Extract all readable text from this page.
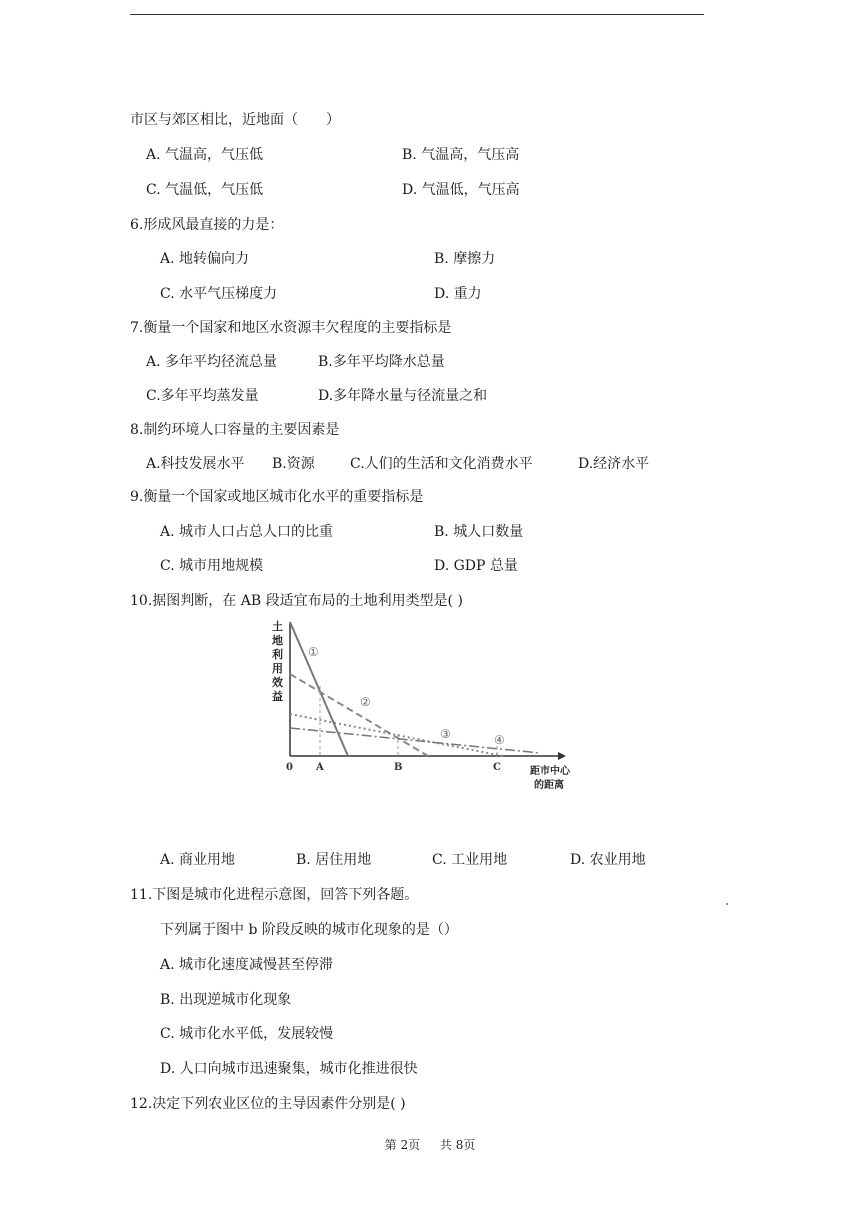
市区与郊区相比，近地面（　　）
A. 气温高，气压低	B. 气温高，气压高
C. 气温低，气压低	D. 气温低，气压高
6.形成风最直接的力是：
A. 地转偏向力	B. 摩擦力
C. 水平气压梯度力	D. 重力
7.衡量一个国家和地区水资源丰欠程度的主要指标是
A. 多年平均径流总量	B.多年平均降水总量
C.多年平均蒸发量	D.多年降水量与径流量之和
8.制约环境人口容量的主要因素是
A.科技发展水平 B.资源	C.人们的生活和文化消费水平	D.经济水平
9.衡量一个国家或地区城市化水平的重要指标是
A. 城市人口占总人口的比重	B. 城人口数量
C. 城市用地规模	D. GDP 总量
10.据图判断，在 AB 段适宜布局的土地利用类型是( )
土地利用效益
①
②
③	④
0 A	B	C	距市中心
的距离
A. 商业用地	B. 居住用地	C. 工业用地	D. 农业用地
11.下图是城市化进程示意图，回答下列各题。
下列属于图中 b 阶段反映的城市化现象的是（）
A. 城市化速度减慢甚至停滞
B. 出现逆城市化现象
C. 城市化水平低，发展较慢
D. 人口向城市迅速聚集，城市化推进很快
12.决定下列农业区位的主导因素件分别是( )
第 2页 共 8页
